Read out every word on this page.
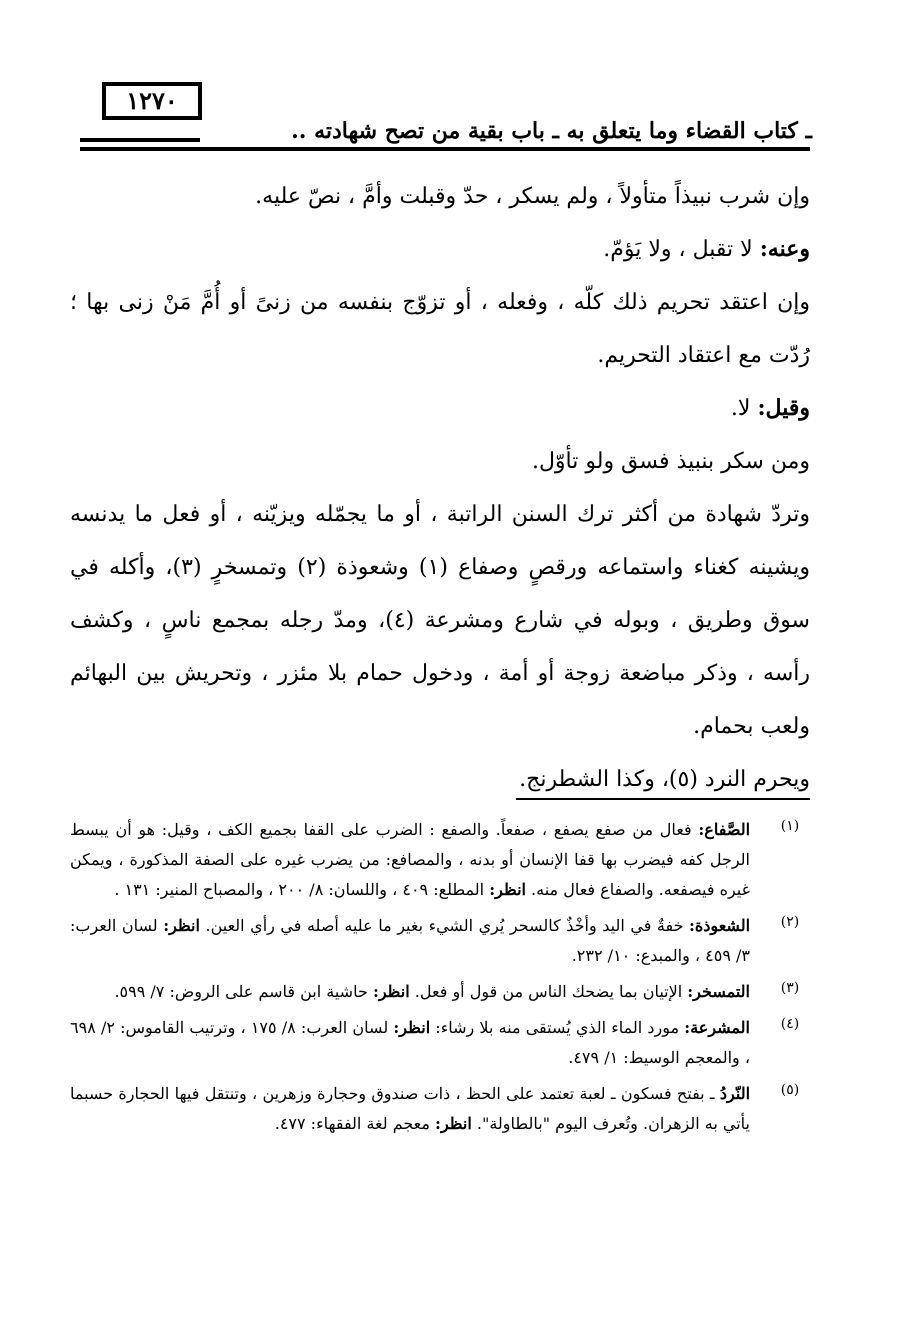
١٢٧٠
ـ كتاب القضاء وما يتعلق به ـ باب بقية من تصح شهادته ..

وإن شرب نبيذاً متأولاً ، ولم يسكر ، حدّ وقبلت وأمَّ ، نصّ عليه.

وعنه: لا تقبل ، ولا يَؤمّ.

وإن اعتقد تحريم ذلك كلّه ، وفعله ، أو تزوّج بنفسه من زنىً أو أُمَّ مَنْ زنى بها ؛ رُدّت مع اعتقاد التحريم.

وقيل: لا.

ومن سكر بنبيذ فسق ولو تأوّل.

وتردّ شهادة من أكثر ترك السنن الراتبة ، أو ما يجمّله ويزيّنه ، أو فعل ما يدنسه ويشينه كغناء واستماعه ورقصٍ وصفاع (١) وشعوذة (٢) وتمسخرٍ (٣)، وأكله في سوق وطريق ، وبوله في شارع ومشرعة (٤)، ومدّ رجله بمجمع ناسٍ ، وكشف رأسه ، وذكر مباضعة زوجة أو أمة ، ودخول حمام بلا مئزر ، وتحريش بين البهائم ولعب بحمام.

ويحرم النرد (٥)، وكذا الشطرنج.

(١)
الصَّفاع: فعال من صفع يصفع ، صفعاً. والصفع : الضرب على القفا بجميع الكف ، وقيل: هو أن يبسط الرجل كفه فيضرب بها قفا الإنسان أو بدنه ، والمصافع: من يضرب غيره على الصفة المذكورة ، ويمكن غيره فيصفعه. والصفاع فعال منه. انظر: المطلع: ٤٠٩ ، واللسان: ٨/ ٢٠٠ ، والمصباح المنير: ١٣١ .
(٢)
الشعوذة: خفةٌ في اليد وأخْذٌ كالسحر يُري الشيء بغير ما عليه أصله في رأي العين. انظر: لسان العرب: ٣/ ٤٥٩ ، والمبدع: ١٠/ ٢٣٢.
(٣)
التمسخر: الإتيان بما يضحك الناس من قول أو فعل. انظر: حاشية ابن قاسم على الروض: ٧/ ٥٩٩.
(٤)
المشرعة: مورد الماء الذي يُستقى منه بلا رشاء: انظر: لسان العرب: ٨/ ١٧٥ ، وترتيب القاموس: ٢/ ٦٩٨ ، والمعجم الوسيط: ١/ ٤٧٩.
(٥)
النّردُ ـ بفتح فسكون ـ لعبة تعتمد على الحظ ، ذات صندوق وحجارة وزهرين ، وتنتقل فيها الحجارة حسبما يأتي به الزهران. وتُعرف اليوم "بالطاولة". انظر: معجم لغة الفقهاء: ٤٧٧.
